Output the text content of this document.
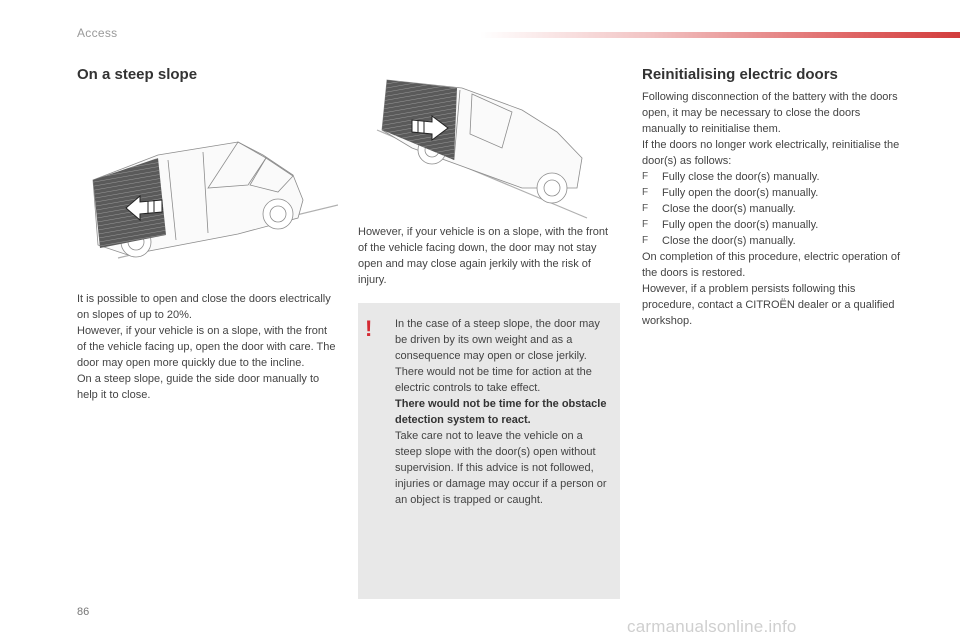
Access
On a steep slope

It is possible to open and close the doors electrically on slopes of up to 20%.

However, if your vehicle is on a slope, with the front of the vehicle facing up, open the door with care. The door may open more quickly due to the incline.

On a steep slope, guide the side door manually to help it to close.

However, if your vehicle is on a slope, with the front of the vehicle facing down, the door may not stay open and may close again jerkily with the risk of injury.
! In the case of a steep slope, the door may be driven by its own weight and as a consequence may open or close jerkily.

There would not be time for action at the electric controls to take effect.

There would not be time for the obstacle detection system to react.

Take care not to leave the vehicle on a steep slope with the door(s) open without supervision. If this advice is not followed, injuries or damage may occur if a person or an object is trapped or caught.

Reinitialising electric doors

Following disconnection of the battery with the doors open, it may be necessary to close the doors manually to reinitialise them.

If the doors no longer work electrically, reinitialise the door(s) as follows:

F	Fully close the door(s) manually.
F	Fully open the door(s) manually.
F	Close the door(s) manually.
F	Fully open the door(s) manually.
F	Close the door(s) manually.

On completion of this procedure, electric operation of the doors is restored.

However, if a problem persists following this procedure, contact a CITROËN dealer or a qualified workshop.

86
carmanualsonline.info
